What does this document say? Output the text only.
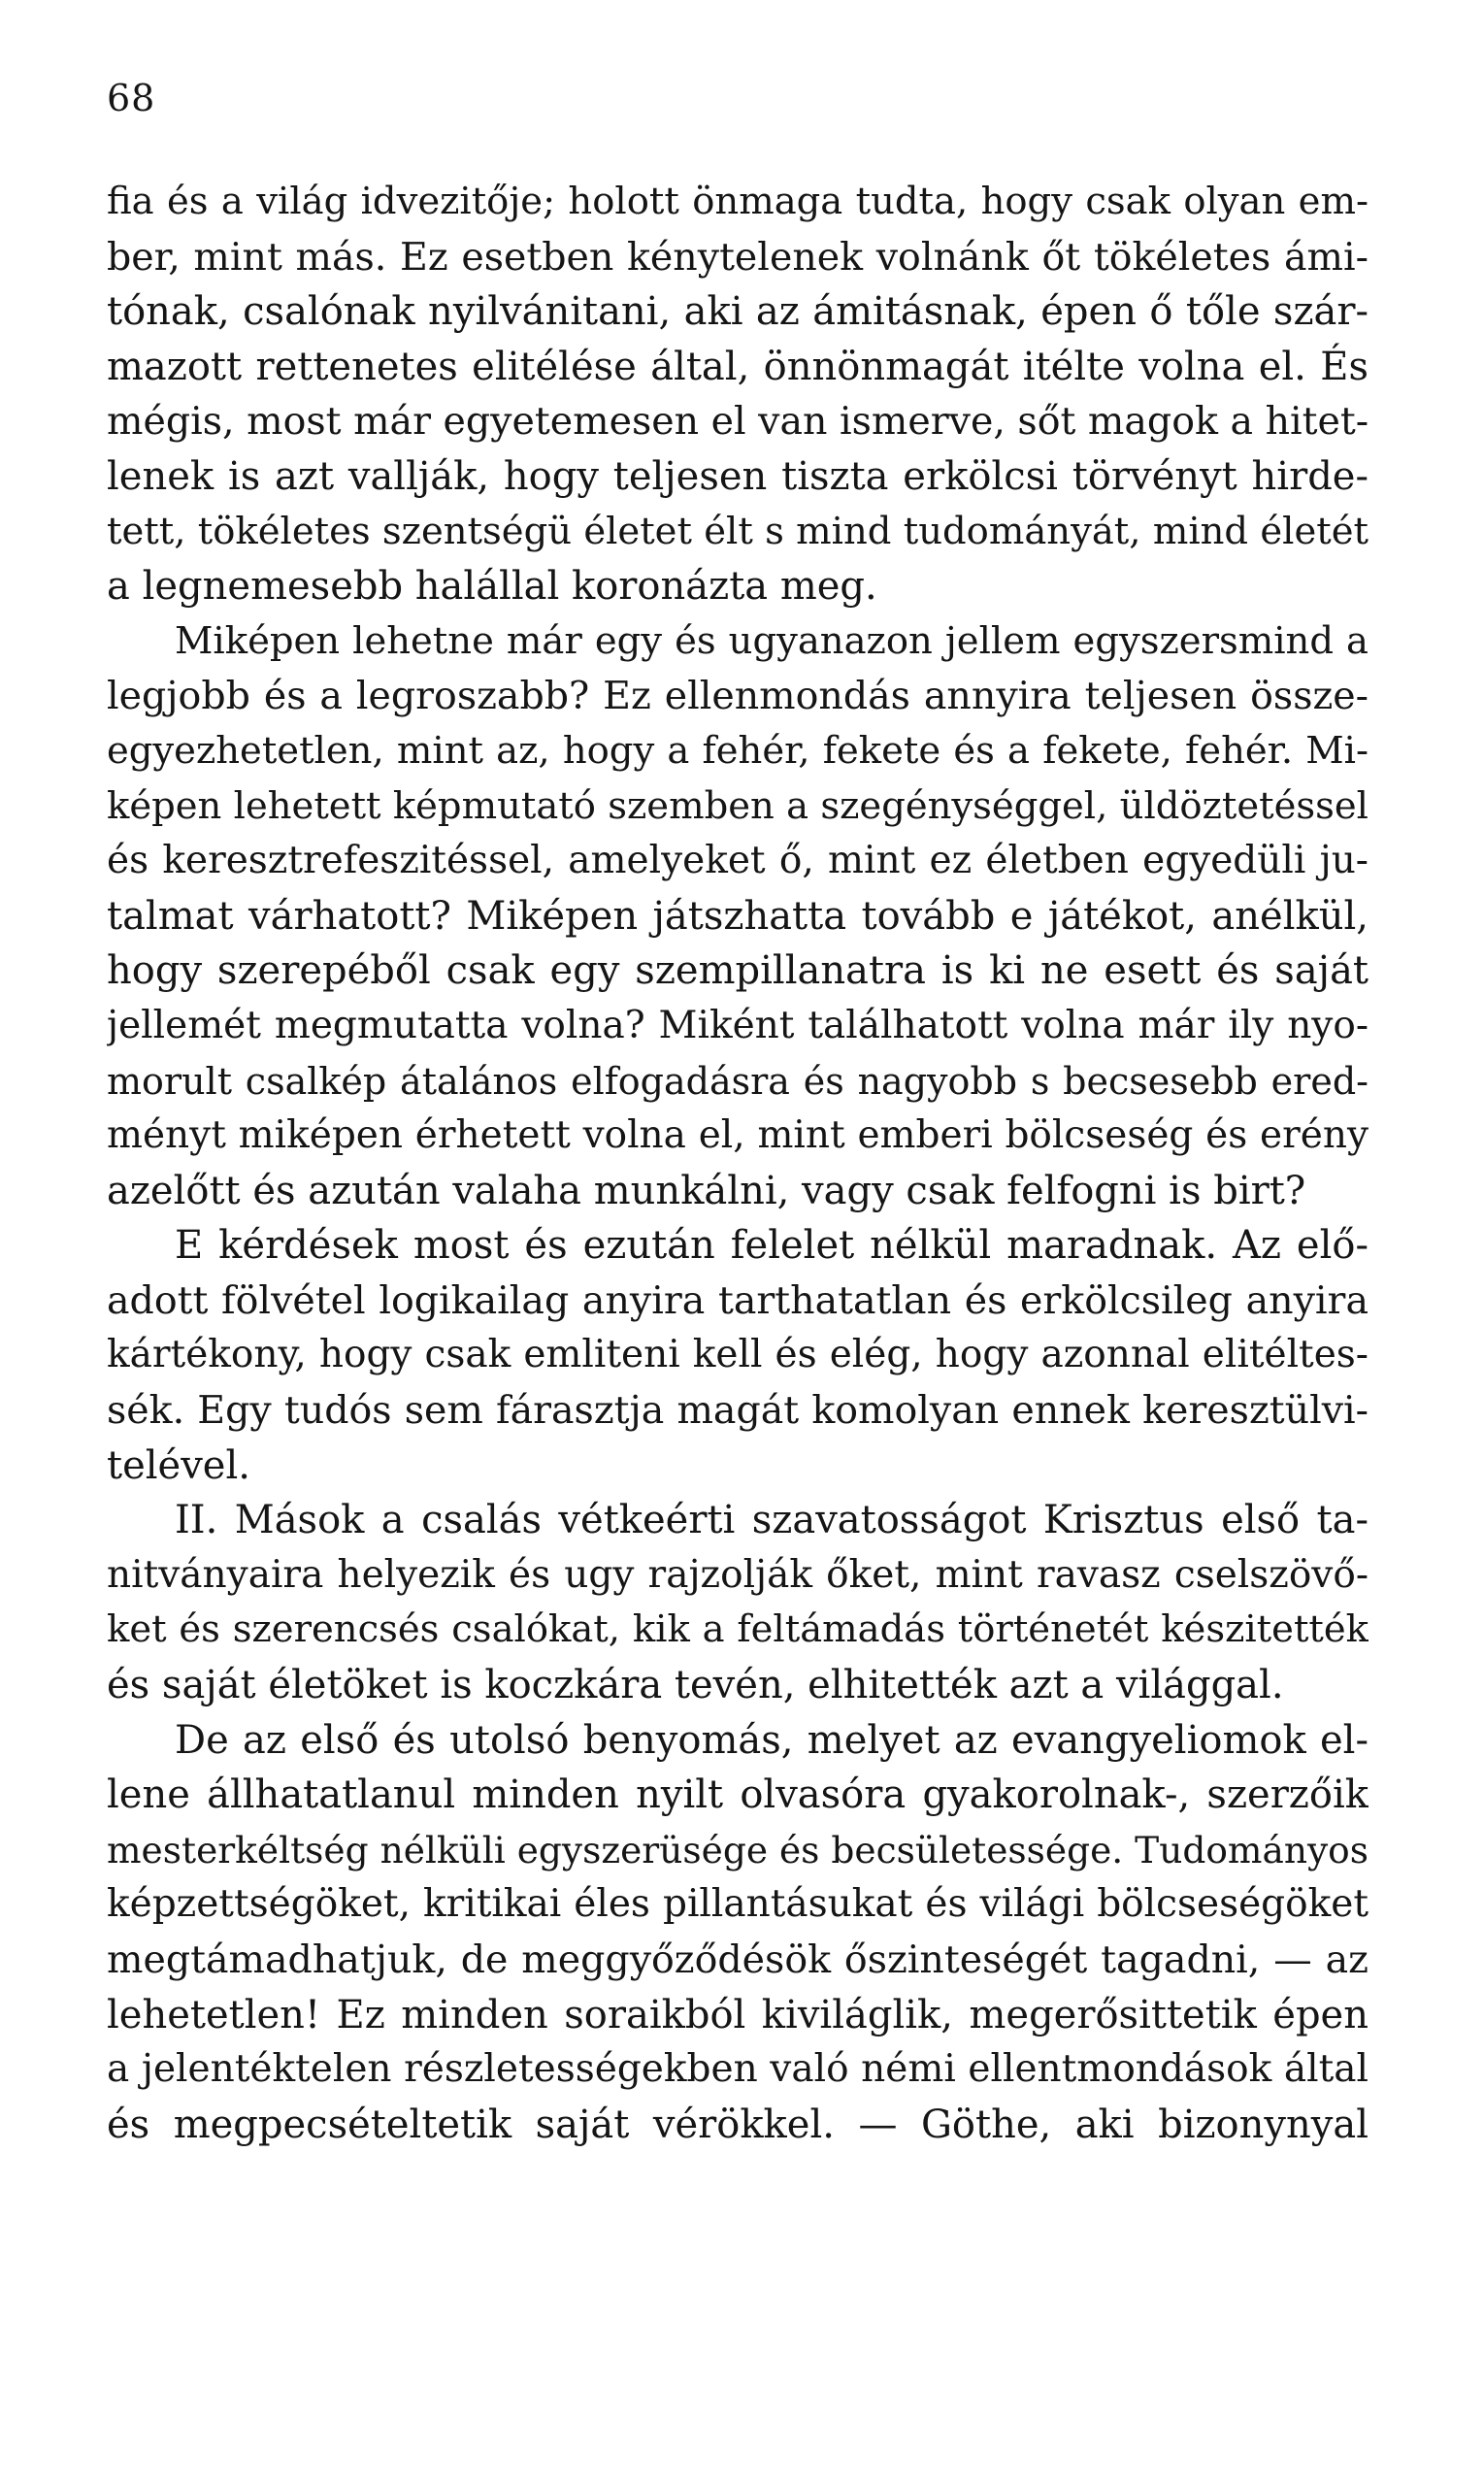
68
fia és a világ idvezitője; holott önmaga tudta, hogy csak olyan em-
ber, mint más. Ez esetben kénytelenek volnánk őt tökéletes ámi-
tónak, csalónak nyilvánitani, aki az ámitásnak, épen ő tőle szár-
mazott rettenetes elitélése által, önnönmagát itélte volna el. És
mégis, most már egyetemesen el van ismerve, sőt magok a hitet-
lenek is azt vallják, hogy teljesen tiszta erkölcsi törvényt hirde-
tett, tökéletes szentségü életet élt s mind tudományát, mind életét
a legnemesebb halállal koronázta meg.
Miképen lehetne már egy és ugyanazon jellem egyszersmind a
legjobb és a legroszabb? Ez ellenmondás annyira teljesen össze-
egyezhetetlen, mint az, hogy a fehér, fekete és a fekete, fehér. Mi-
képen lehetett képmutató szemben a szegénységgel, üldöztetéssel
és keresztrefeszitéssel, amelyeket ő, mint ez életben egyedüli ju-
talmat várhatott? Miképen játszhatta tovább e játékot, anélkül,
hogy szerepéből csak egy szempillanatra is ki ne esett és saját
jellemét megmutatta volna? Miként találhatott volna már ily nyo-
morult csalkép átalános elfogadásra és nagyobb s becsesebb ered-
ményt miképen érhetett volna el, mint emberi bölcseség és erény
azelőtt és azután valaha munkálni, vagy csak felfogni is birt?
E kérdések most és ezután felelet nélkül maradnak. Az elő-
adott fölvétel logikailag anyira tarthatatlan és erkölcsileg anyira
kártékony, hogy csak emliteni kell és elég, hogy azonnal elitéltes-
sék. Egy tudós sem fárasztja magát komolyan ennek keresztülvi-
telével.
II. Mások a csalás vétkeérti szavatosságot Krisztus első ta-
nitványaira helyezik és ugy rajzolják őket, mint ravasz cselszövő-
ket és szerencsés csalókat, kik a feltámadás történetét készitették
és saját életöket is koczkára tevén, elhitették azt a világgal.
De az első és utolsó benyomás, melyet az evangyeliomok el-
lene állhatatlanul minden nyilt olvasóra gyakorolnak-, szerzőik
mesterkéltség nélküli egyszerüsége és becsületessége. Tudományos
képzettségöket, kritikai éles pillantásukat és világi bölcseségöket
megtámadhatjuk, de meggyőződésök őszinteségét tagadni, — az
lehetetlen! Ez minden soraikból kiviláglik, megerősittetik épen
a jelentéktelen részletességekben való némi ellentmondások által
és megpecsételtetik saját vérökkel. — Göthe, aki bizonynyal
